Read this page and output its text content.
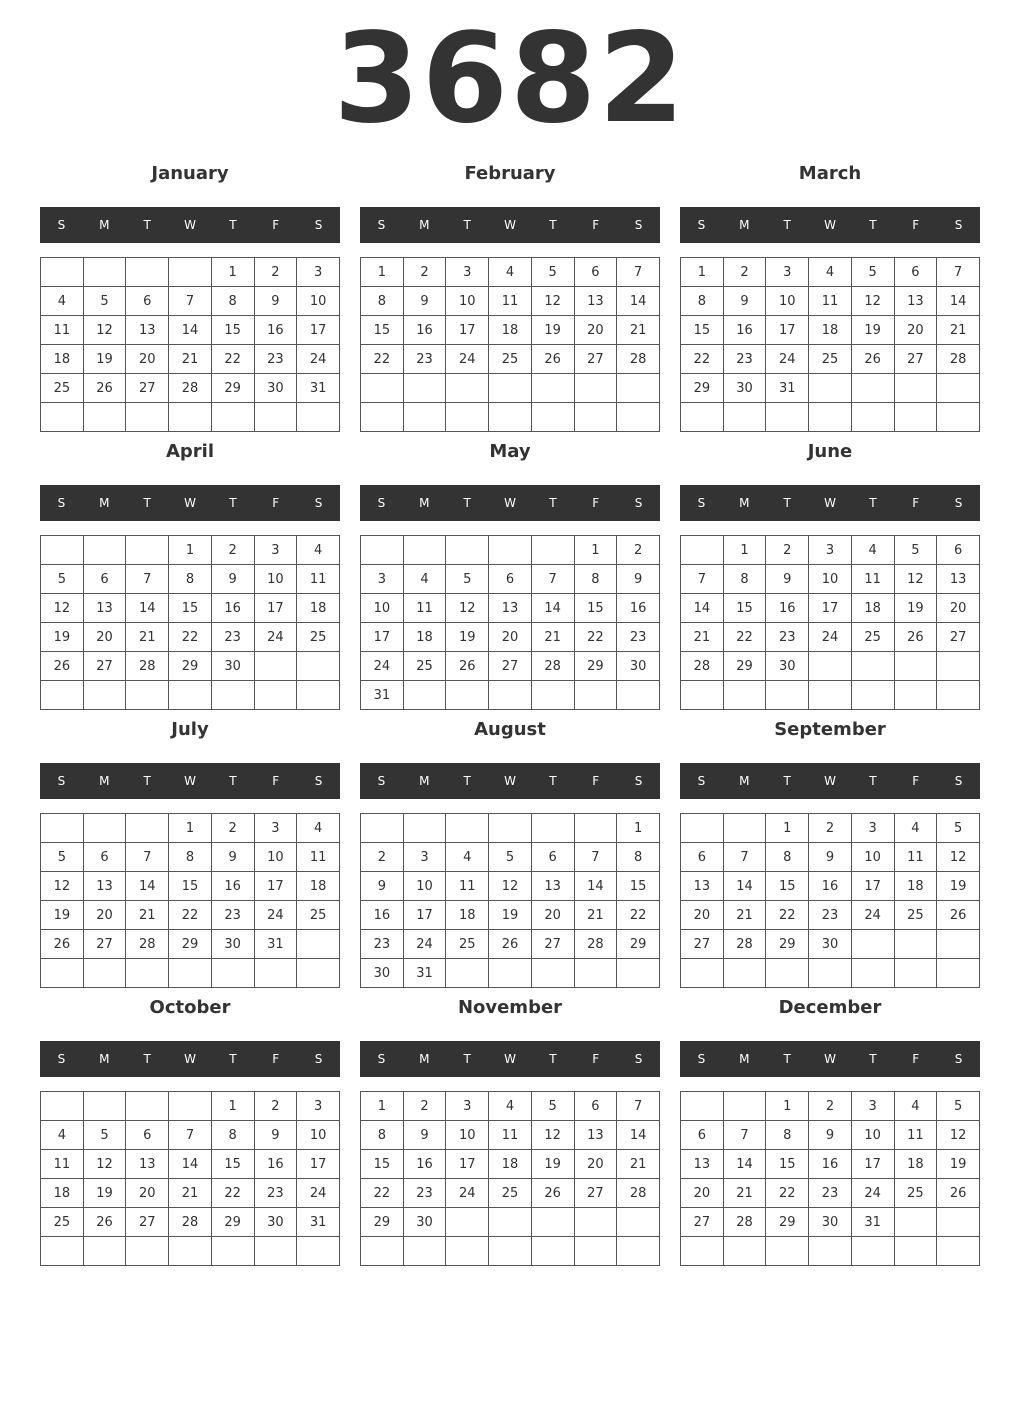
3682
January
S	M	T	W	T	F	S
				1	2	3
4	5	6	7	8	9	10
11	12	13	14	15	16	17
18	19	20	21	22	23	24
25	26	27	28	29	30	31

February
S	M	T	W	T	F	S
1	2	3	4	5	6	7
8	9	10	11	12	13	14
15	16	17	18	19	20	21
22	23	24	25	26	27	28

March
S	M	T	W	T	F	S
1	2	3	4	5	6	7
8	9	10	11	12	13	14
15	16	17	18	19	20	21
22	23	24	25	26	27	28
29	30	31				

April
S	M	T	W	T	F	S
			1	2	3	4
5	6	7	8	9	10	11
12	13	14	15	16	17	18
19	20	21	22	23	24	25
26	27	28	29	30		

May
S	M	T	W	T	F	S
					1	2
3	4	5	6	7	8	9
10	11	12	13	14	15	16
17	18	19	20	21	22	23
24	25	26	27	28	29	30
31						
June
S	M	T	W	T	F	S
	1	2	3	4	5	6
7	8	9	10	11	12	13
14	15	16	17	18	19	20
21	22	23	24	25	26	27
28	29	30				

July
S	M	T	W	T	F	S
			1	2	3	4
5	6	7	8	9	10	11
12	13	14	15	16	17	18
19	20	21	22	23	24	25
26	27	28	29	30	31	

August
S	M	T	W	T	F	S
						1
2	3	4	5	6	7	8
9	10	11	12	13	14	15
16	17	18	19	20	21	22
23	24	25	26	27	28	29
30	31					
September
S	M	T	W	T	F	S
		1	2	3	4	5
6	7	8	9	10	11	12
13	14	15	16	17	18	19
20	21	22	23	24	25	26
27	28	29	30			

October
S	M	T	W	T	F	S
				1	2	3
4	5	6	7	8	9	10
11	12	13	14	15	16	17
18	19	20	21	22	23	24
25	26	27	28	29	30	31

November
S	M	T	W	T	F	S
1	2	3	4	5	6	7
8	9	10	11	12	13	14
15	16	17	18	19	20	21
22	23	24	25	26	27	28
29	30					

December
S	M	T	W	T	F	S
		1	2	3	4	5
6	7	8	9	10	11	12
13	14	15	16	17	18	19
20	21	22	23	24	25	26
27	28	29	30	31		
